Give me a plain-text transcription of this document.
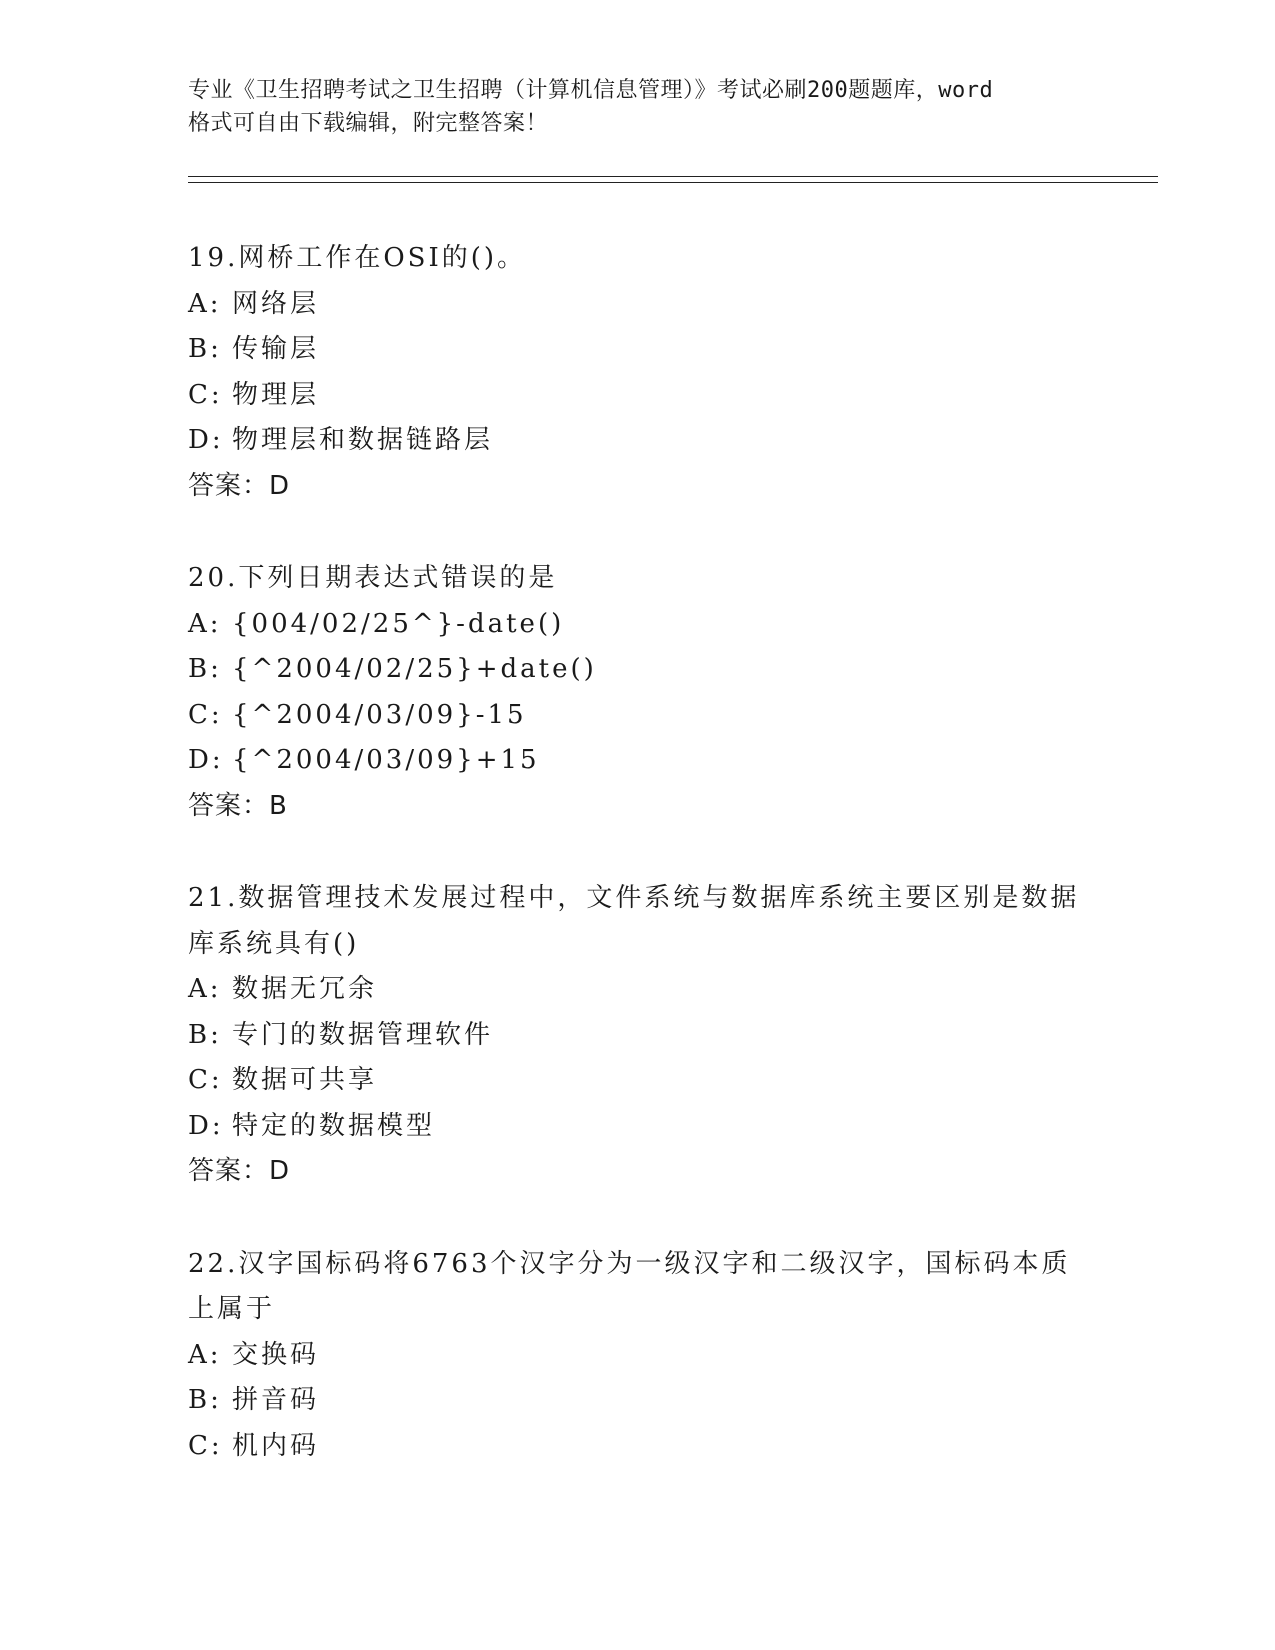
专业《卫生招聘考试之卫生招聘（计算机信息管理）》考试必刷200题题库，word
格式可自由下载编辑，附完整答案！
19.网桥工作在OSI的()。
A: 网络层
B: 传输层
C: 物理层
D: 物理层和数据链路层
答案：D
20.下列日期表达式错误的是
A: {004/02/25^}-date()
B: {^2004/02/25}+date()
C: {^2004/03/09}-15
D: {^2004/03/09}+15
答案：B
21.数据管理技术发展过程中，文件系统与数据库系统主要区别是数据库系统具有()
A: 数据无冗余
B: 专门的数据管理软件
C: 数据可共享
D: 特定的数据模型
答案：D
22.汉字国标码将6763个汉字分为一级汉字和二级汉字，国标码本质上属于
A: 交换码
B: 拼音码
C: 机内码
